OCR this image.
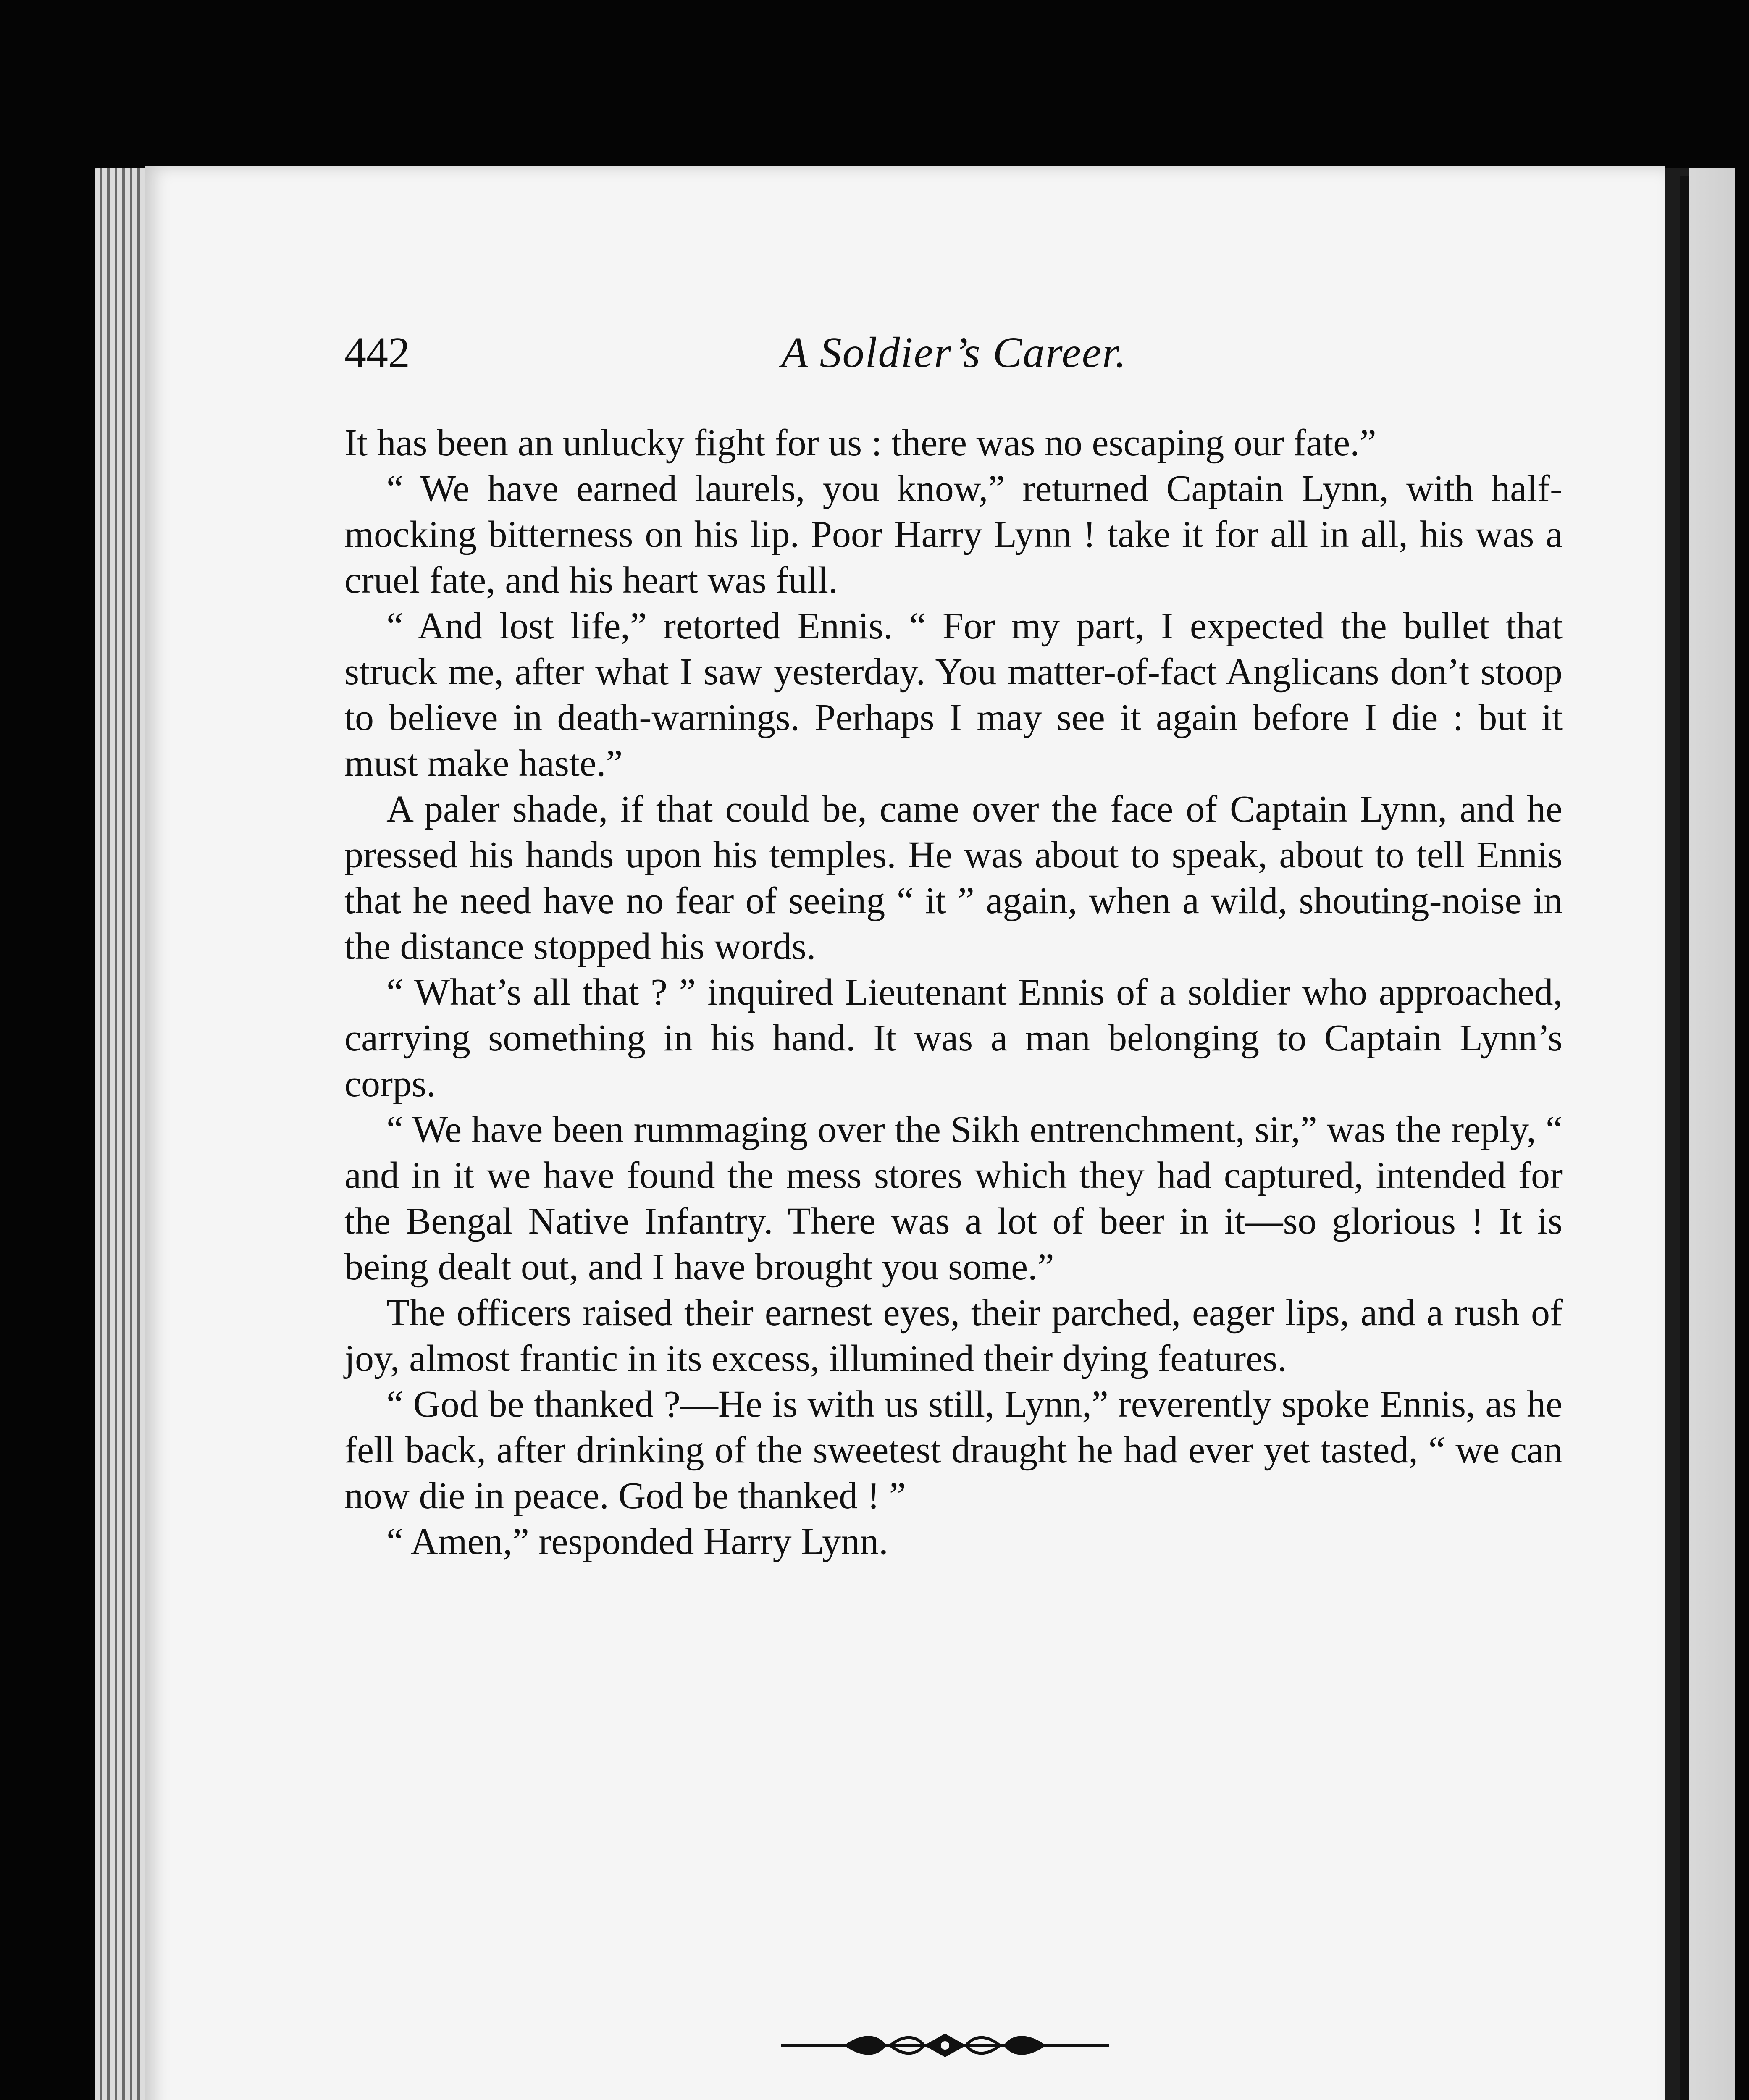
442	A Soldier’s Career.

It has been an unlucky fight for us : there was no escaping our fate.”

“ We have earned laurels, you know,” returned Captain Lynn, with half-mocking bitterness on his lip. Poor Harry Lynn ! take it for all in all, his was a cruel fate, and his heart was full.

“ And lost life,” retorted Ennis. “ For my part, I expected the bullet that struck me, after what I saw yesterday. You matter-of-fact Anglicans don’t stoop to believe in death-warnings. Perhaps I may see it again before I die : but it must make haste.”

A paler shade, if that could be, came over the face of Captain Lynn, and he pressed his hands upon his temples. He was about to speak, about to tell Ennis that he need have no fear of seeing “ it ” again, when a wild, shouting-noise in the distance stopped his words.

“ What’s all that ? ” inquired Lieutenant Ennis of a soldier who approached, carrying something in his hand. It was a man belonging to Captain Lynn’s corps.

“ We have been rummaging over the Sikh entrenchment, sir,” was the reply, “ and in it we have found the mess stores which they had captured, intended for the Bengal Native Infantry. There was a lot of beer in it—so glorious ! It is being dealt out, and I have brought you some.”

The officers raised their earnest eyes, their parched, eager lips, and a rush of joy, almost frantic in its excess, illumined their dying features.

“ God be thanked ?—He is with us still, Lynn,” reverently spoke Ennis, as he fell back, after drinking of the sweetest draught he had ever yet tasted, “ we can now die in peace. God be thanked ! ”

“ Amen,” responded Harry Lynn.
